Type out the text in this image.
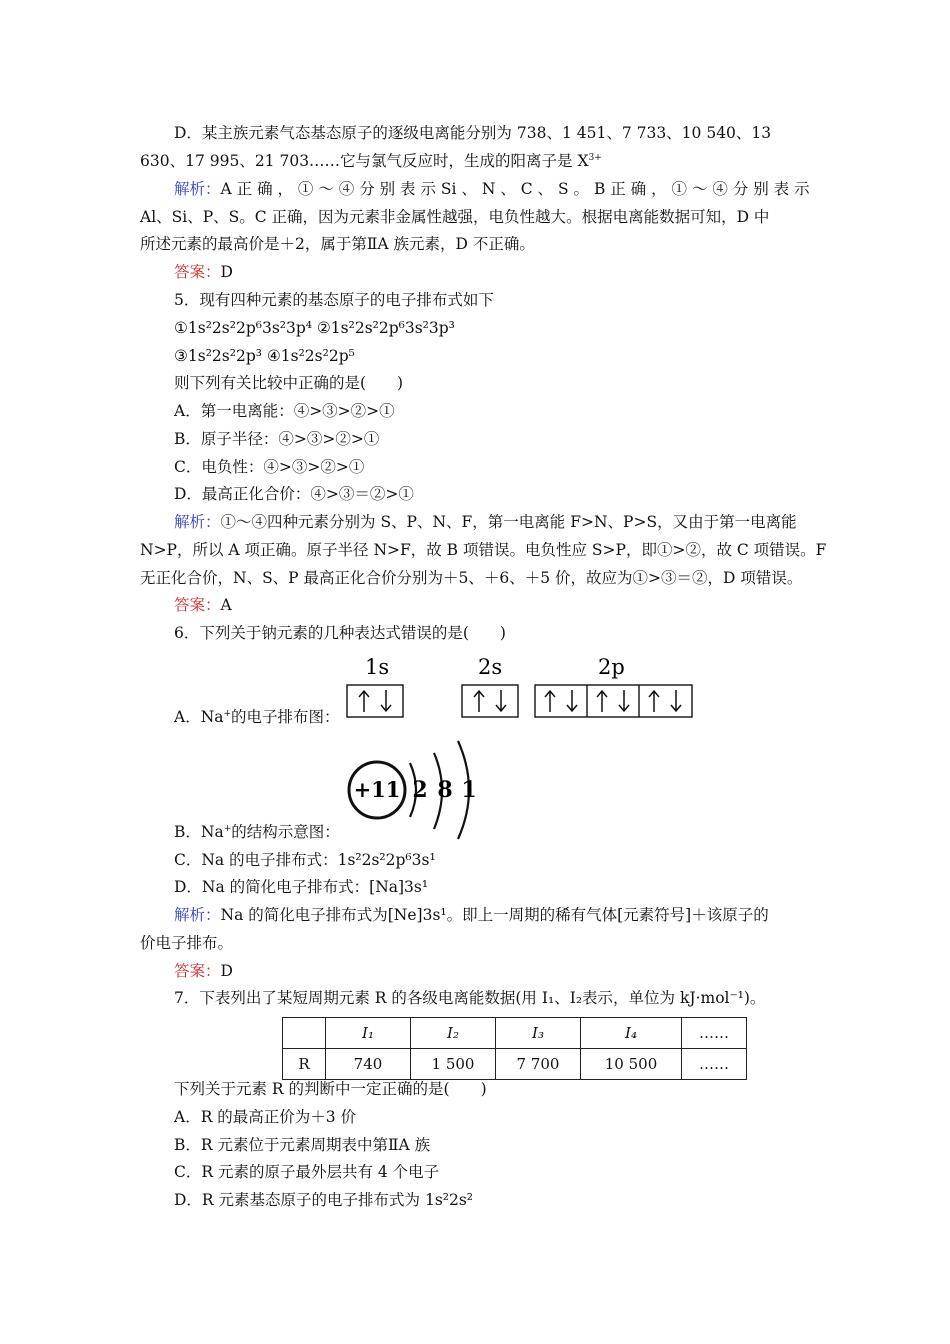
D．某主族元素气态基态原子的逐级电离能分别为 738、1 451、7 733、10 540、13
630、17 995、21 703……它与氯气反应时，生成的阳离子是 $X^{3+}$
解析：A 正 确 ， ① ～ ④ 分 别 表 示 Si 、 N 、 C 、 S 。 B 正 确 ， ① ～ ④ 分 别 表 示
Al、Si、P、S。C 正确，因为元素非金属性越强，电负性越大。根据电离能数据可知，D 中
所述元素的最高价是＋2，属于第ⅡA 族元素，D 不正确。
答案：D
5．现有四种元素的基态原子的电子排布式如下
①1s²2s²2p⁶3s²3p⁴ ②1s²2s²2p⁶3s²3p³
③1s²2s²2p³ ④1s²2s²2p⁵
则下列有关比较中正确的是(　　)
A．第一电离能：④>③>②>①
B．原子半径：④>③>②>①
C．电负性：④>③>②>①
D．最高正化合价：④>③＝②>①
解析：①～④四种元素分别为 S、P、N、F，第一电离能 F>N、P>S，又由于第一电离能
N>P，所以 A 项正确。原子半径 N>F，故 B 项错误。电负性应 S>P，即①>②，故 C 项错误。F
无正化合价，N、S、P 最高正化合价分别为＋5、＋6、＋5 价，故应为①>③＝②，D 项错误。
答案：A
6．下列关于钠元素的几种表达式错误的是(　　)
1s	2s	2p
A．Na+的电子排布图：
+11 2 8 1
B．Na+的结构示意图：
C．Na 的电子排布式：1s²2s²2p⁶3s¹
D．Na 的简化电子排布式：[Na]3s¹
解析：Na 的简化电子排布式为[Ne]3s¹。即上一周期的稀有气体[元素符号]＋该原子的
价电子排布。
答案：D
7．下表列出了某短周期元素 R 的各级电离能数据(用 I₁、I₂表示，单位为 kJ·mol⁻¹)。
	I₁	I₂	I₃	I₄	……
R	740	1 500	7 700	10 500	……
下列关于元素 R 的判断中一定正确的是(　　)
A．R 的最高正价为＋3 价
B．R 元素位于元素周期表中第ⅡA 族
C．R 元素的原子最外层共有 4 个电子
D．R 元素基态原子的电子排布式为 1s²2s²
